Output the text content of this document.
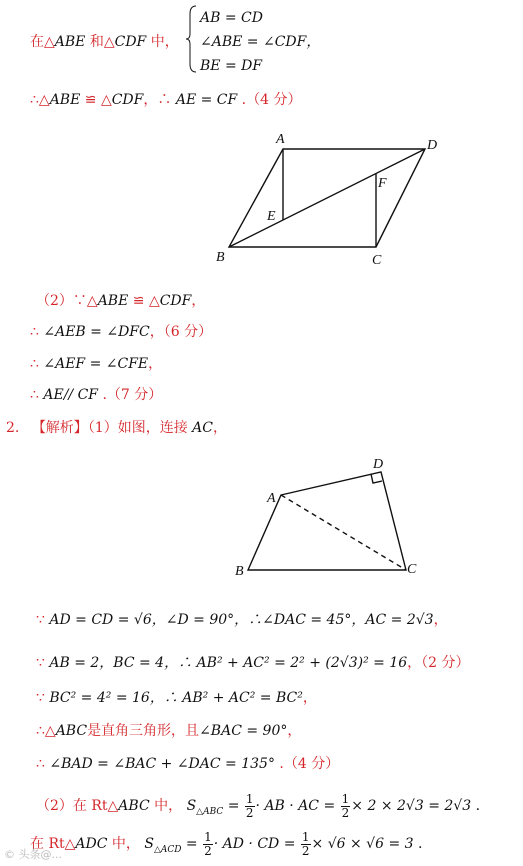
在△ABE 和△CDF 中，
AB = CD
∠ABE = ∠CDF，
BE = DF
∴△ABE ≌ △CDF，∴ AE = CF .（4 分）
A	D
B	C
E
F
（2）∵△ABE ≌ △CDF，
∴ ∠AEB = ∠DFC，（6 分）
∴ ∠AEF = ∠CFE，
∴ AE// CF .（7 分）
2. 【解析】（1）如图，连接 AC，
A
D
B	C
∵ AD = CD = √6，∠D = 90°，∴∠DAC = 45°，AC = 2√3，
∵ AB = 2，BC = 4，∴ AB² + AC² = 2² + (2√3)² = 16，（2 分）
∵ BC² = 4² = 16，∴ AB² + AC² = BC²，
∴△ABC是直角三角形，且∠BAC = 90°，
∴ ∠BAD = ∠BAC + ∠DAC = 135° .（4 分）
（2）在 Rt△ABC 中， $S_{\triangle ABC} = \frac{1}{2}$ · AB · AC = $\frac{1}{2} \times 2 \times 2√3 = 2√3$ .
在 Rt△ADC 中， $S_{\triangle ACD} = \frac{1}{2}$ · AD · CD = $\frac{1}{2} \times √6 \times √6 = 3$ .
© 头条@...
